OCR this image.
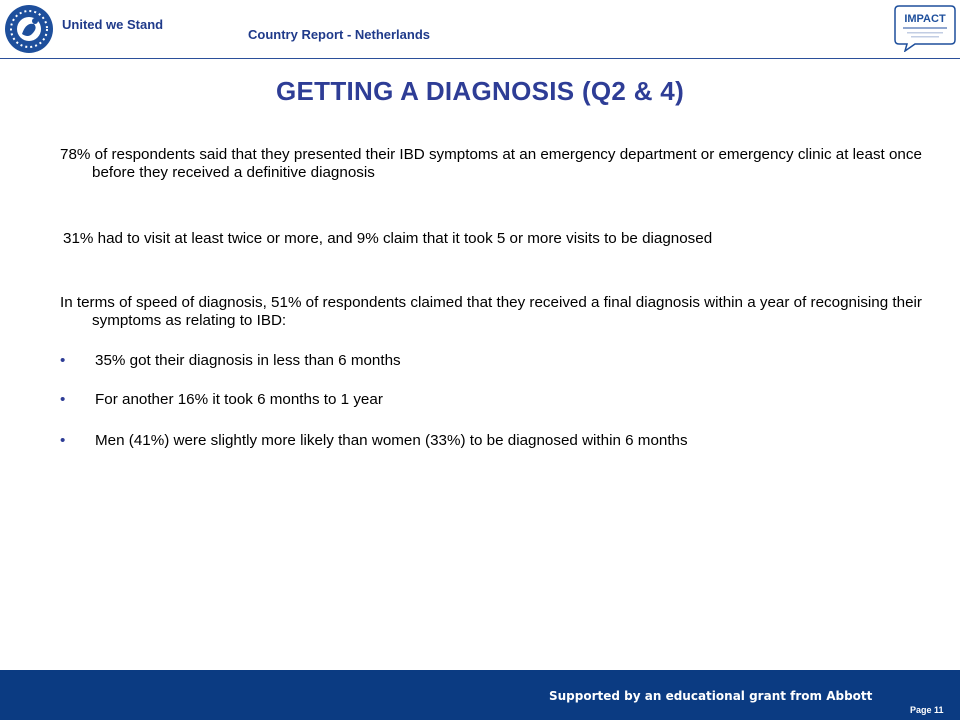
United we Stand
Country Report - Netherlands
IMPACT
GETTING A DIAGNOSIS (Q2 & 4)

78% of respondents said that they presented their IBD symptoms at an emergency department or emergency clinic at least once before they received a definitive diagnosis

31% had to visit at least twice or more, and 9% claim that it took 5 or more visits to be diagnosed

In terms of speed of diagnosis, 51% of respondents claimed that they received a final diagnosis within a year of recognising their symptoms as relating to IBD:

• 35% got their diagnosis in less than 6 months
• For another 16% it took 6 months to 1 year
• Men (41%) were slightly more likely than women (33%) to be diagnosed within 6 months
Supported by an educational grant from Abbott
Page 11
